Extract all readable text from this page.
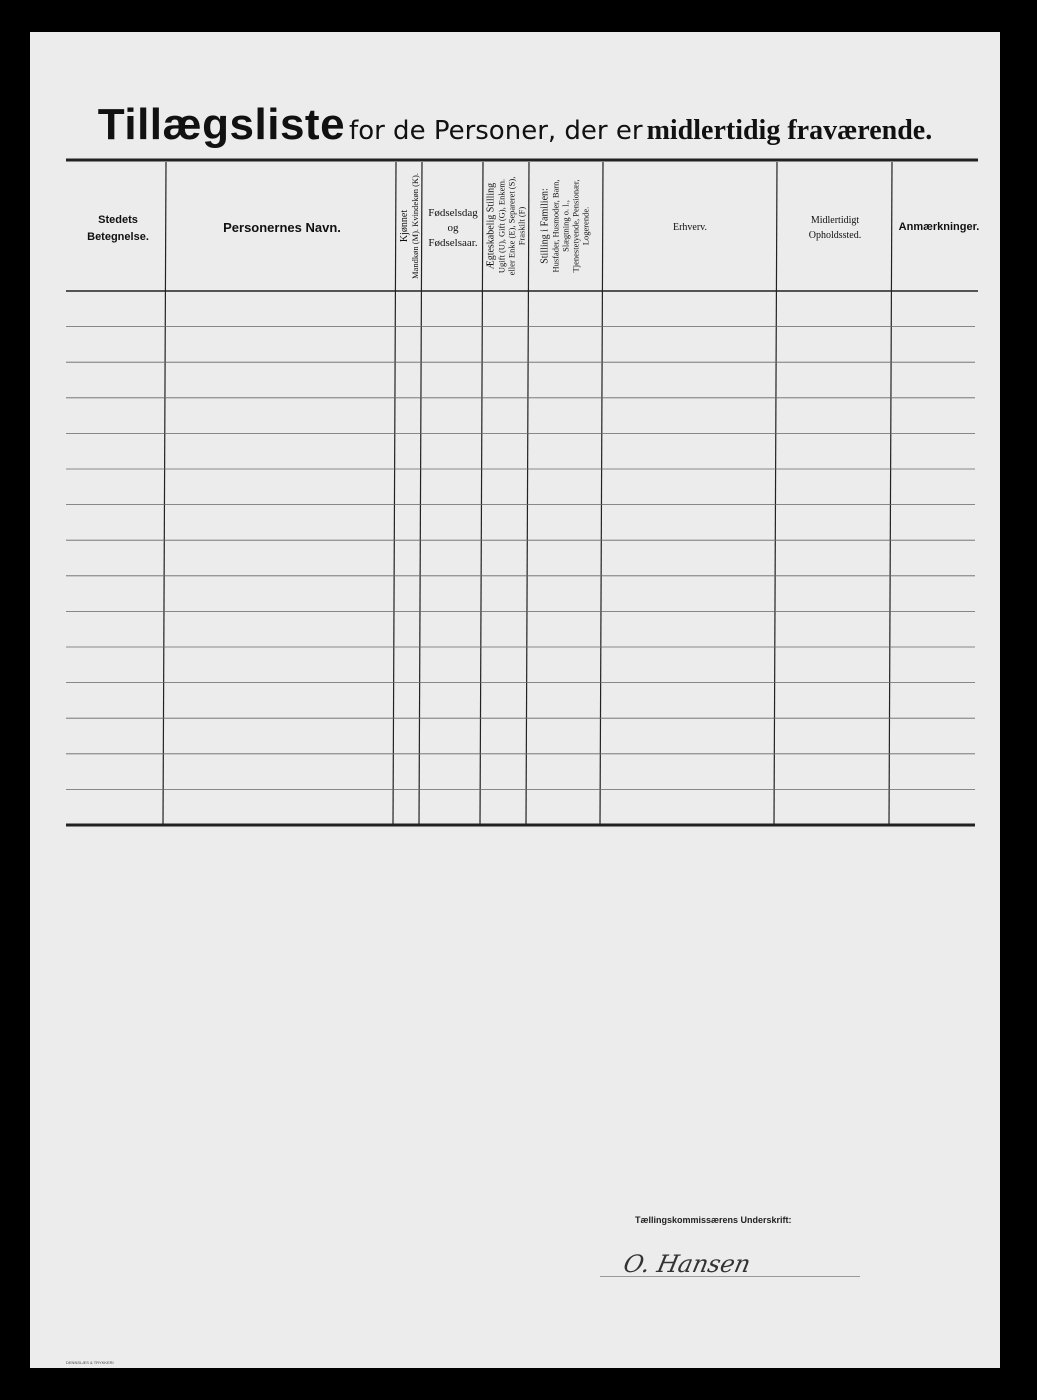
Tillægsliste for de Personer, der er midlertidig fraværende.
Stedets
Betegnelse.
Personernes Navn.	Kjønnet Mandkøn (M). Kvindekøn (K). Fødselsdag
og
Fødselsaar. Ægteskabelig Stilling Ugift (U), Gift (G), Enkem. eller Enke (E), Separeret (S), Fraskilt (F) Stilling i Familien: Husfader, Husmoder, Barn, Slægtning o. l., Tjenestetyende, Pensionær, Logerende.	Erhverv.
Midlertidigt
Opholdssted.
Anmærkninger.
Tællingskommissærens Underskrift:
O. Hansen
DENNSLÆS & TRYKKERI
